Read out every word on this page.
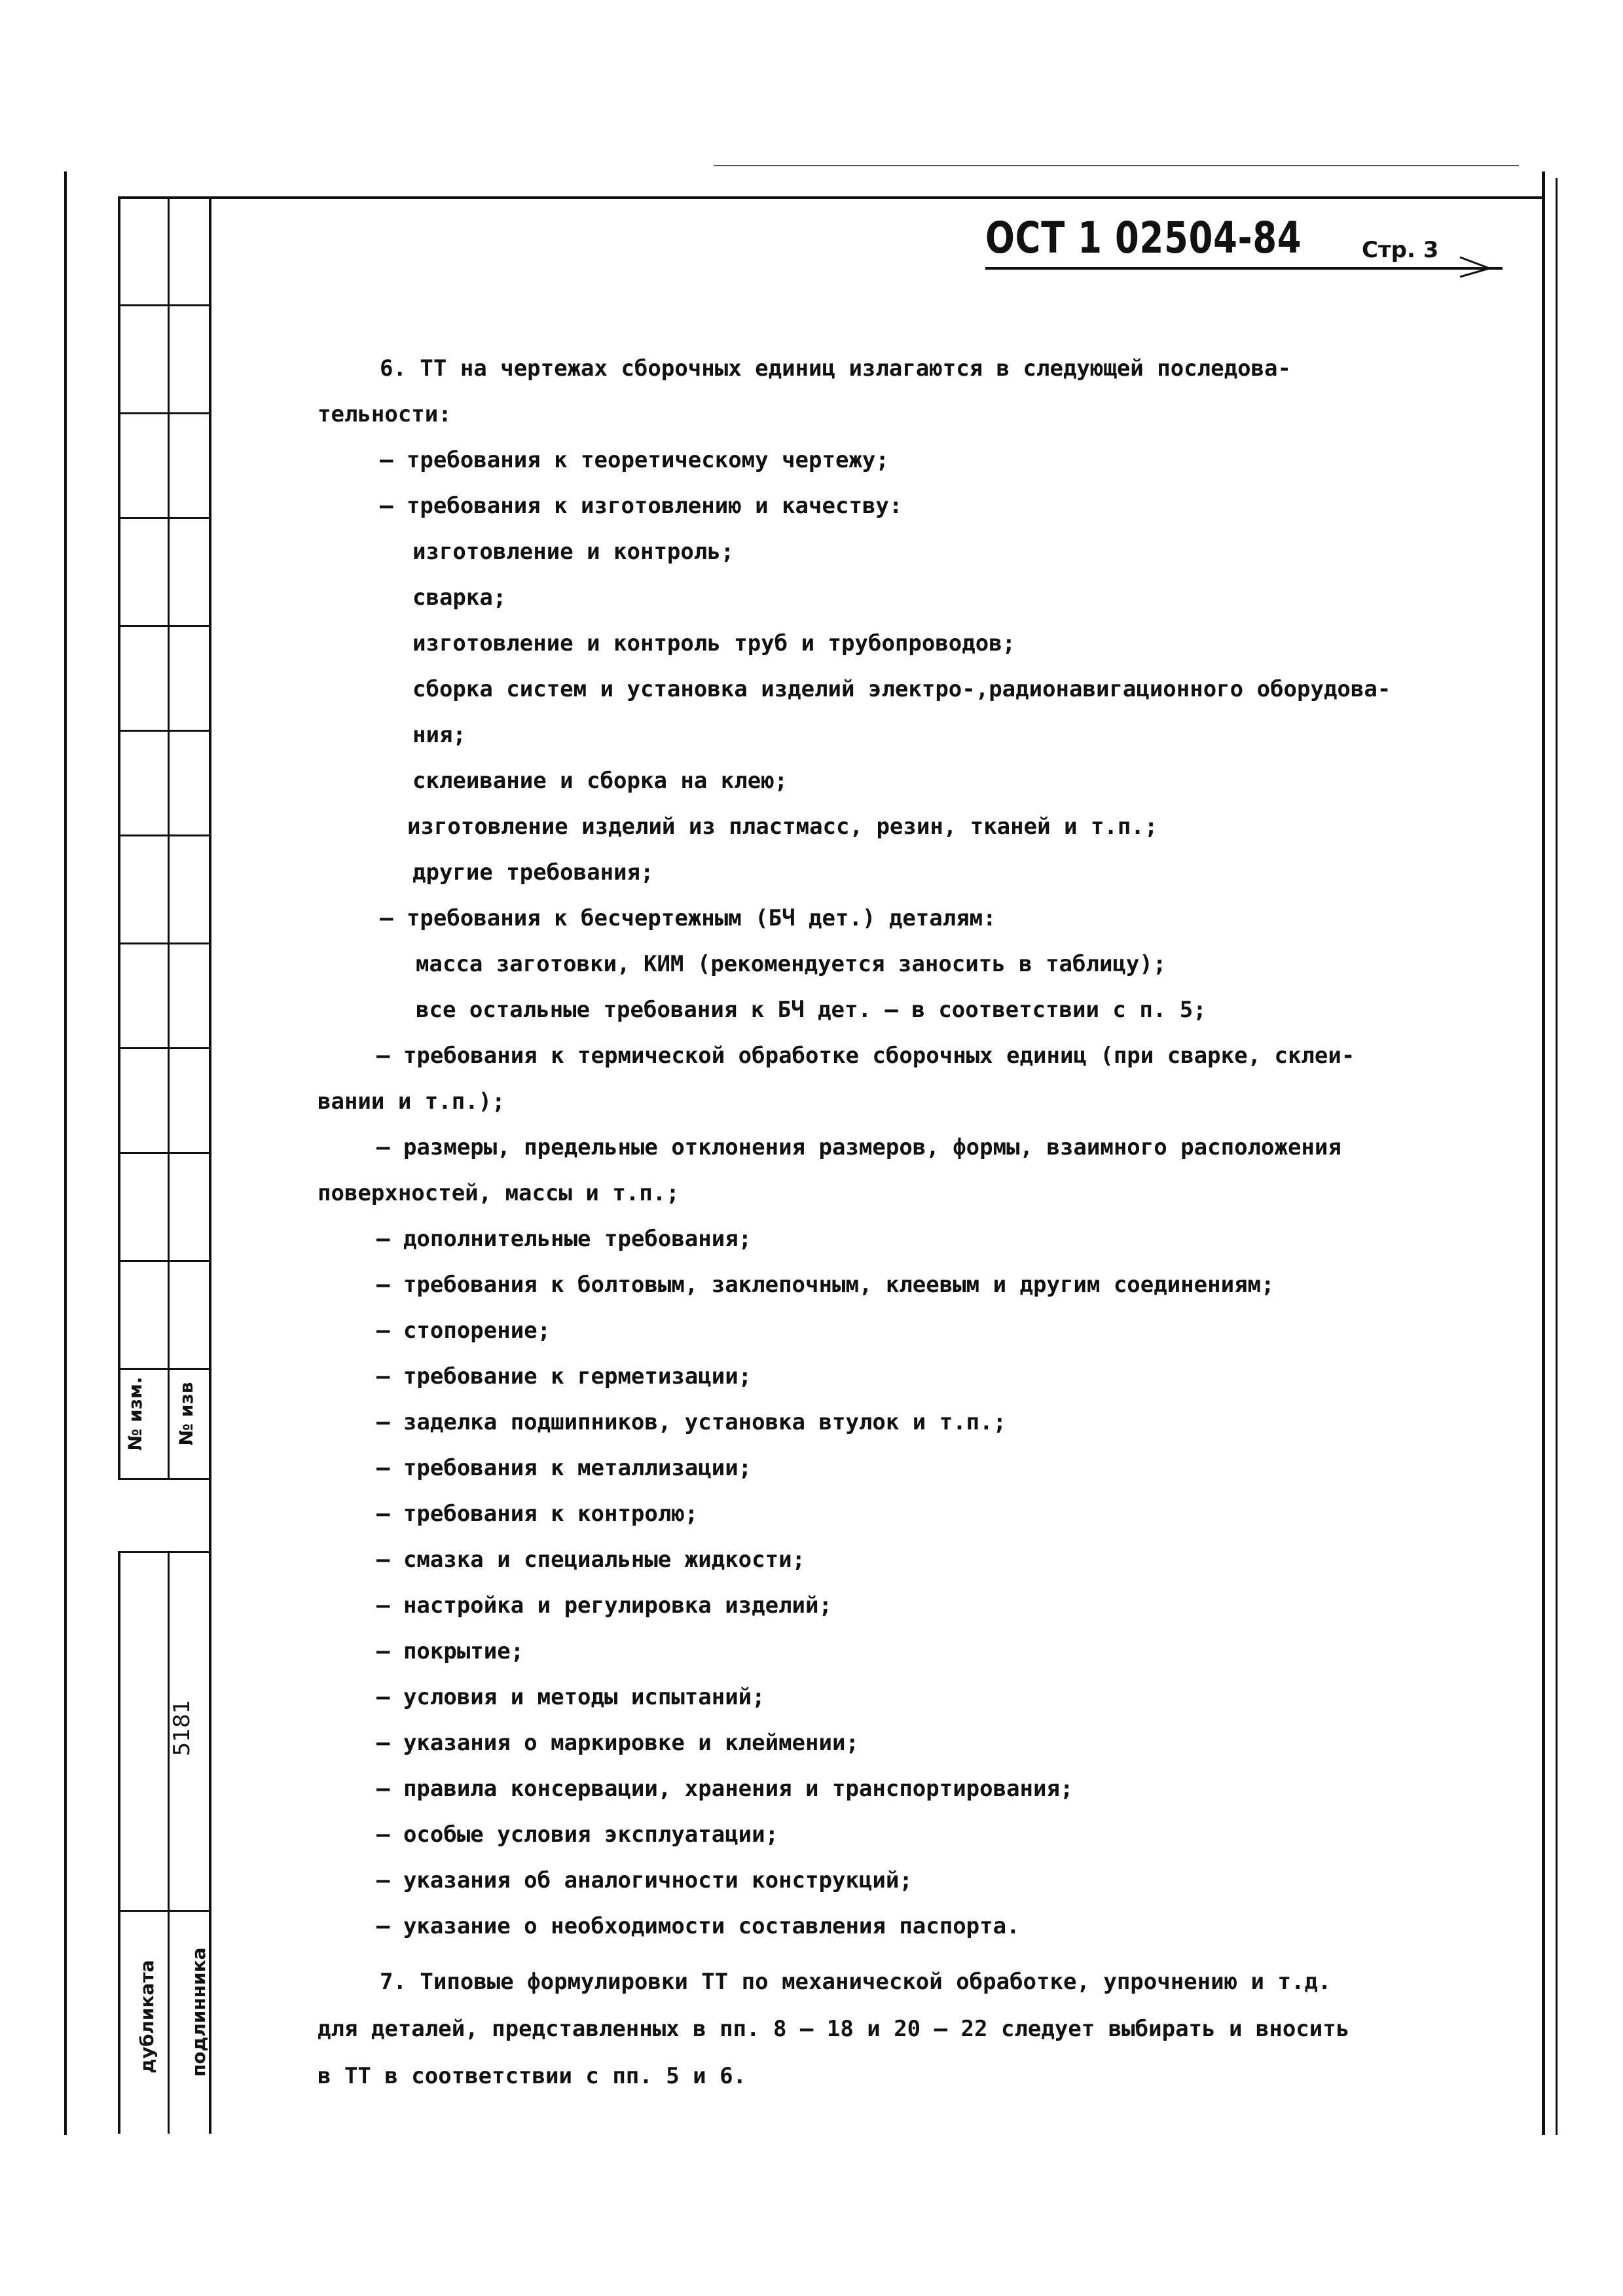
№ изм. № изв
5181
дубликата подлинника
ОСТ 1 02504-84	Стр. 3
6. ТТ на чертежах сборочных единиц излагаются в следующей последова-
тельности:
– требования к теоретическому чертежу;
– требования к изготовлению и качеству:
изготовление и контроль;
сварка;
изготовление и контроль труб и трубопроводов;
сборка систем и установка изделий электро-,радионавигационного оборудова-
ния;
склеивание и сборка на клею;
изготовление изделий из пластмасс, резин, тканей и т.п.;
другие требования;
– требования к бесчертежным (БЧ дет.) деталям:
масса заготовки, КИМ (рекомендуется заносить в таблицу);
все остальные требования к БЧ дет. – в соответствии с п. 5;
– требования к термической обработке сборочных единиц (при сварке, склеи-
вании и т.п.);
– размеры, предельные отклонения размеров, формы, взаимного расположения
поверхностей, массы и т.п.;
– дополнительные требования;
– требования к болтовым, заклепочным, клеевым и другим соединениям;
– стопорение;
– требование к герметизации;
– заделка подшипников, установка втулок и т.п.;
– требования к металлизации;
– требования к контролю;
– смазка и специальные жидкости;
– настройка и регулировка изделий;
– покрытие;
– условия и методы испытаний;
– указания о маркировке и клеймении;
– правила консервации, хранения и транспортирования;
– особые условия эксплуатации;
– указания об аналогичности конструкций;
– указание о необходимости составления паспорта.
7. Типовые формулировки ТТ по механической обработке, упрочнению и т.д.
для деталей, представленных в пп. 8 – 18 и 20 – 22 следует выбирать и вносить
в ТТ в соответствии с пп. 5 и 6.
